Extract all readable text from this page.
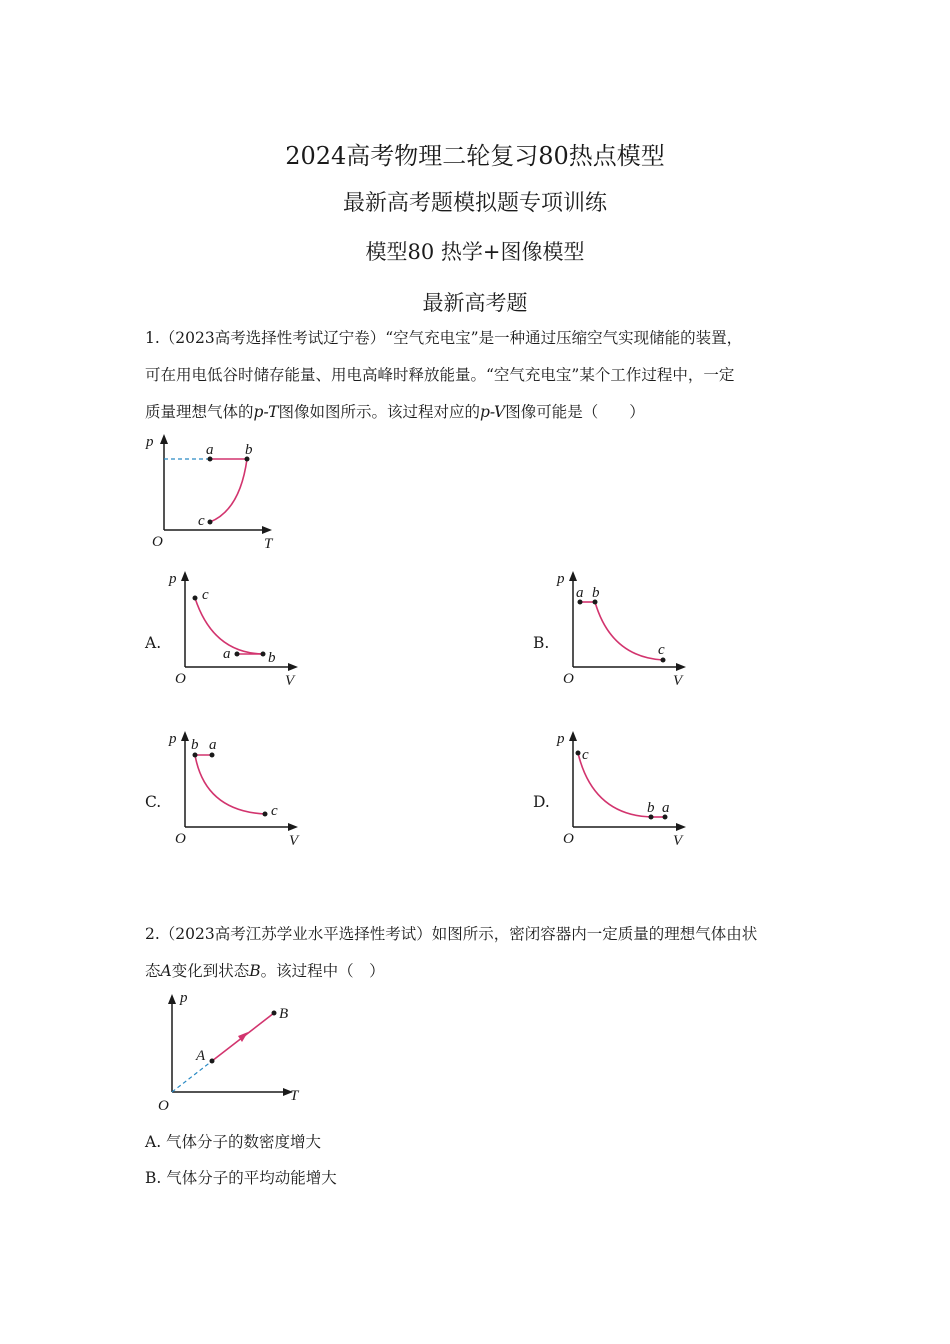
2024高考物理二轮复习80热点模型
最新高考题模拟题专项训练
模型80 热学+图像模型
最新高考题
1.（2023高考选择性考试辽宁卷）“空气充电宝”是一种通过压缩空气实现储能的装置，
可在用电低谷时储存能量、用电高峰时释放能量。“空气充电宝”某个工作过程中，一定
质量理想气体的p-T图像如图所示。该过程对应的p-V图像可能是（　　）
p
T
O
a b
c
A.
p
V
O
c
a	b
B.
p
V
O
a b
c
C.
p
V
O
b a
c	D.
p
V
O
c
b a
2.（2023高考江苏学业水平选择性考试）如图所示，密闭容器内一定质量的理想气体由状
态A变化到状态B。该过程中（　）
p
T
O
A
B
A. 气体分子的数密度增大
B. 气体分子的平均动能增大
